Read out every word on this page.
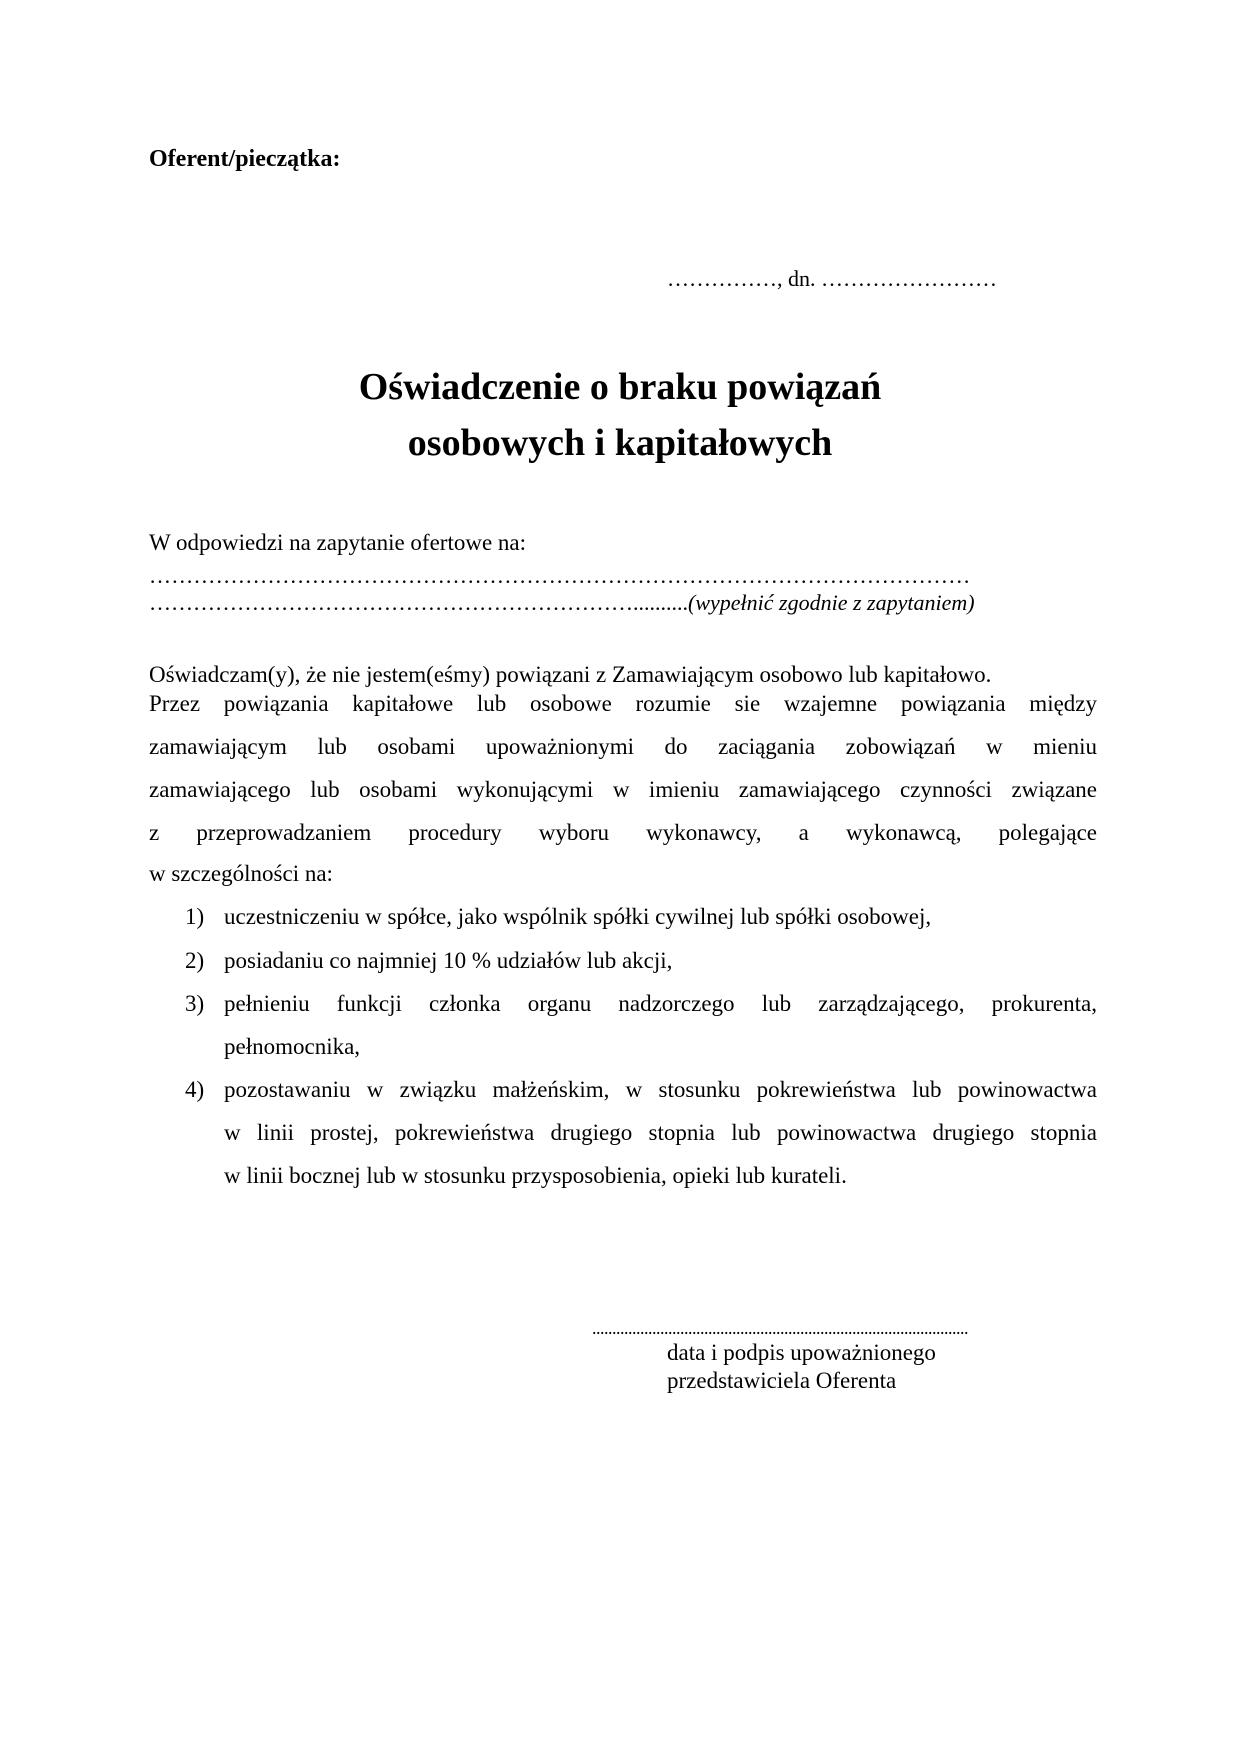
Oferent/pieczątka:
……………, dn. ……………………
Oświadczenie o braku powiązań
osobowych i kapitałowych
W odpowiedzi na zapytanie ofertowe na:
…………………………………………………………………………………………………
…………………………………………………………..........(wypełnić zgodnie z zapytaniem)
Oświadczam(y), że nie jestem(eśmy) powiązani z Zamawiającym osobowo lub kapitałowo.
Przez powiązania kapitałowe lub osobowe rozumie sie wzajemne powiązania między
zamawiającym lub osobami upoważnionymi do zaciągania zobowiązań w mieniu
zamawiającego lub osobami wykonującymi w imieniu zamawiającego czynności związane
z przeprowadzaniem procedury wyboru wykonawcy, a wykonawcą, polegające
w szczególności na:
1) uczestniczeniu w spółce, jako wspólnik spółki cywilnej lub spółki osobowej,
2) posiadaniu co najmniej 10 % udziałów lub akcji,
3) pełnieniu funkcji członka organu nadzorczego lub zarządzającego, prokurenta,
pełnomocnika,
4) pozostawaniu w związku małżeńskim, w stosunku pokrewieństwa lub powinowactwa
w linii prostej, pokrewieństwa drugiego stopnia lub powinowactwa drugiego stopnia
w linii bocznej lub w stosunku przysposobienia, opieki lub kurateli.
..............................................................................................
data i podpis upoważnionego
przedstawiciela Oferenta
